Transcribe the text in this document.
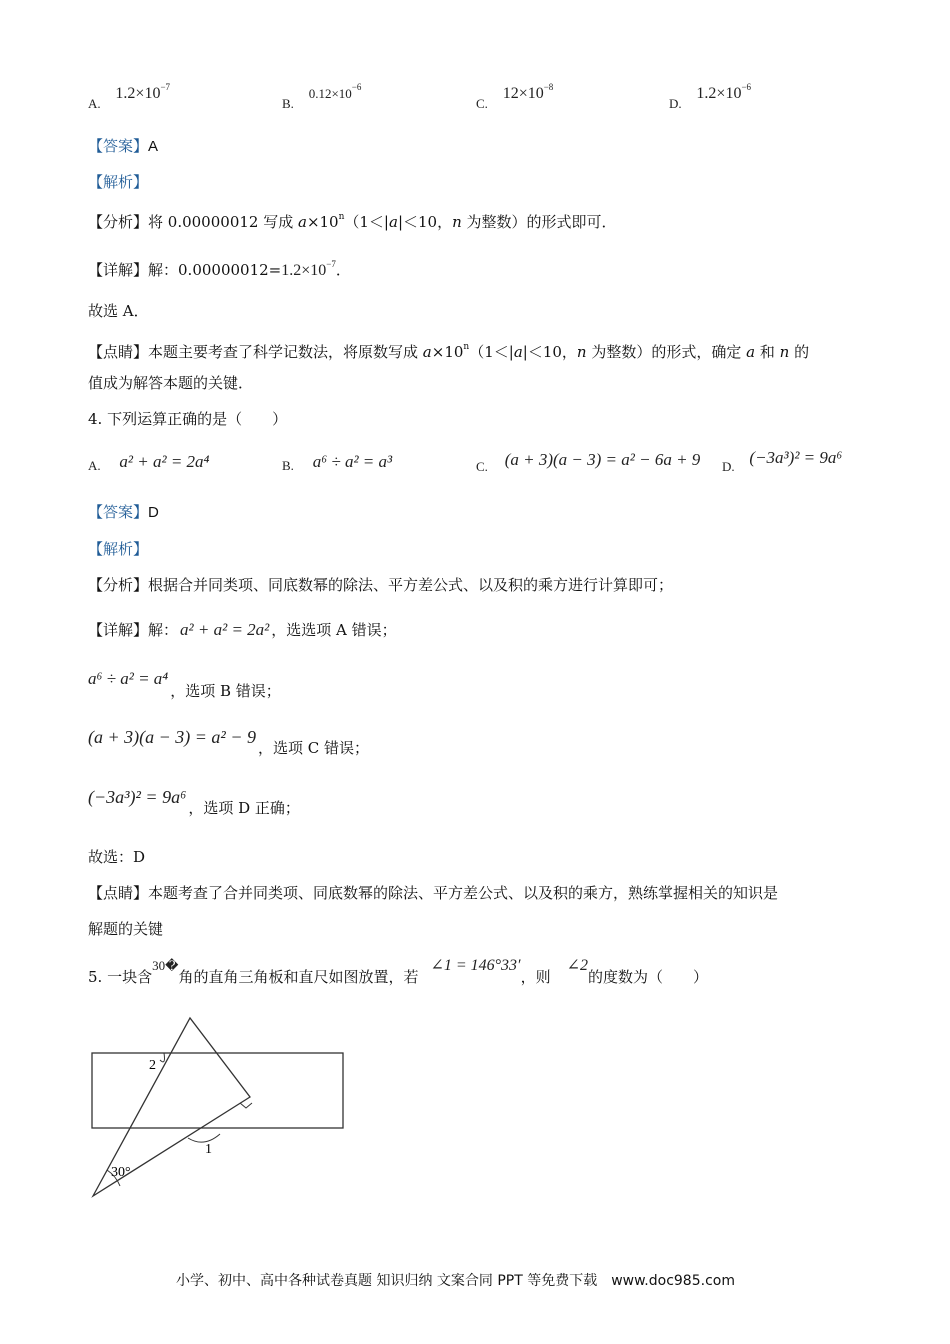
A. $1.2\times 10^{-7}$
B. $0.12\times 10^{-6}$
C. $12\times 10^{-8}$
D. $1.2\times 10^{-6}$
【答案】A
【解析】
【分析】将 0.00000012 写成 $a\times 10^n(1<|a|<10$，n 为整数）的形式即可．
【详解】解：$0.00000012=1.2\times 10^{-7}$．
故选 A．
【点睛】本题主要考查了科学记数法，将原数写成 $a\times 10^n(1<|a|<10$，n 为整数）的形式，确定 a 和 n 的
值成为解答本题的关键．
4. 下列运算正确的是（　　）
A. a² + a² = 2a⁴	B. a⁶ ÷ a² = a³	C. (a + 3)(a − 3) = a² − 6a + 9 D. (−3a³)² = 9a⁶
【答案】D
【解析】
【分析】根据合并同类项、同底数幂的除法、平方差公式、以及积的乘方进行计算即可；
【详解】解： a² + a² = 2a² ，选选项 A 错误；
a⁶ ÷ a² = a⁴，选项 B 错误；
(a + 3)(a − 3) = a² − 9，选项 C 错误；
(−3a³)² = 9a⁶，选项 D 正确；
故选：D
【点睛】本题考查了合并同类项、同底数幂的除法、平方差公式、以及积的乘方，熟练掌握相关的知识是
解题的关键
5. 一块含30�角的直角三角板和直尺如图放置，若∠1 = 146°33′，则∠2的度数为（　　）
2
1
30°
小学、初中、高中各种试卷真题 知识归纳 文案合同 PPT 等免费下载　www.doc985.com
